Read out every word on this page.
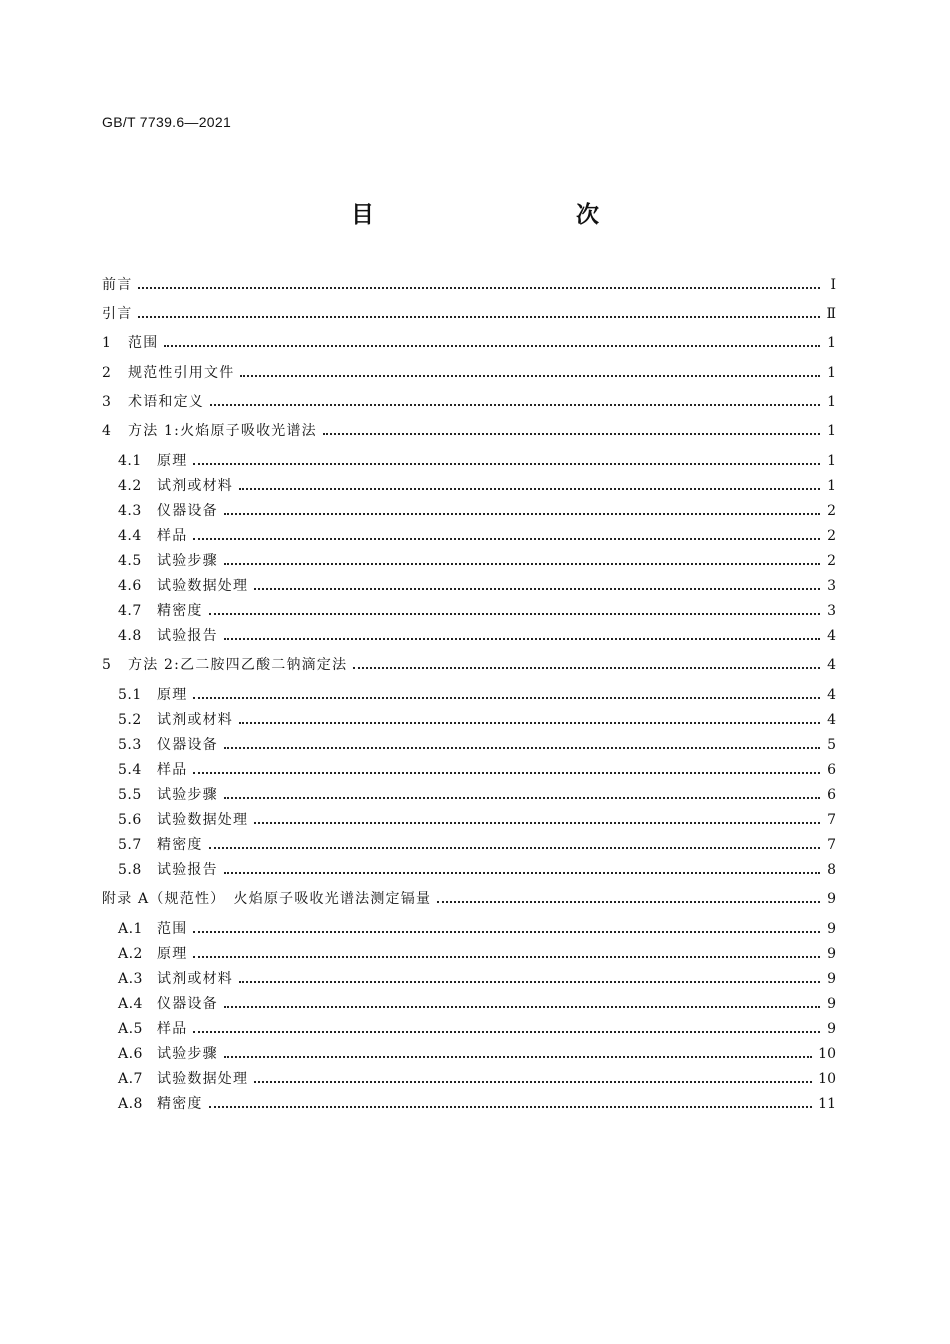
GB/T 7739.6—2021
目　　次
前言	Ⅰ
引言	Ⅱ
1 范围	1
2 规范性引用文件	1
3 术语和定义	1
4 方法 1:火焰原子吸收光谱法	1
4.1 原理	1
4.2 试剂或材料	1
4.3 仪器设备	2
4.4 样品	2
4.5 试验步骤	2
4.6 试验数据处理	3
4.7 精密度	3
4.8 试验报告	4
5 方法 2:乙二胺四乙酸二钠滴定法	4
5.1 原理	4
5.2 试剂或材料	4
5.3 仪器设备	5
5.4 样品	6
5.5 试验步骤	6
5.6 试验数据处理	7
5.7 精密度	7
5.8 试验报告	8
附录 A（规范性）　火焰原子吸收光谱法测定镉量	9
A.1 范围	9
A.2 原理	9
A.3 试剂或材料	9
A.4 仪器设备	9
A.5 样品	9
A.6 试验步骤	10
A.7 试验数据处理	10
A.8 精密度	11
